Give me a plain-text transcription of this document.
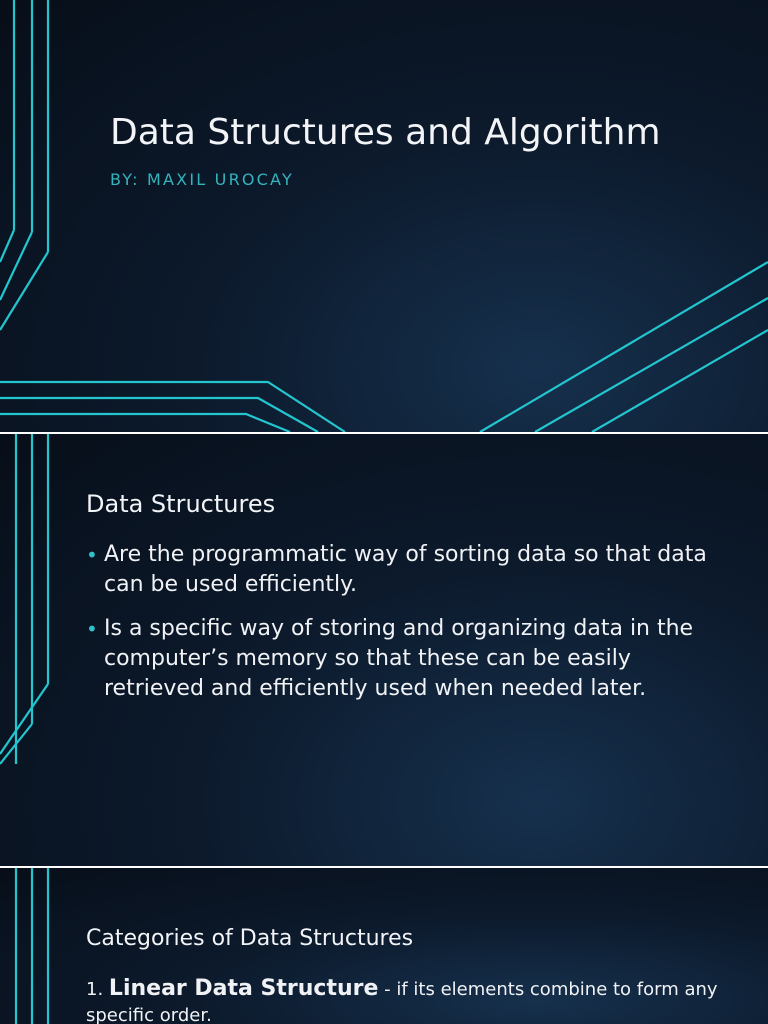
Data Structures and Algorithm
BY: MAXIL UROCAY
Data Structures
• Are the programmatic way of sorting data so that data can be used efficiently.
• Is a specific way of storing and organizing data in the computer’s memory so that these can be easily retrieved and efficiently used when needed later.
Categories of Data Structures
1. Linear Data Structure - if its elements combine to form any specific order.
